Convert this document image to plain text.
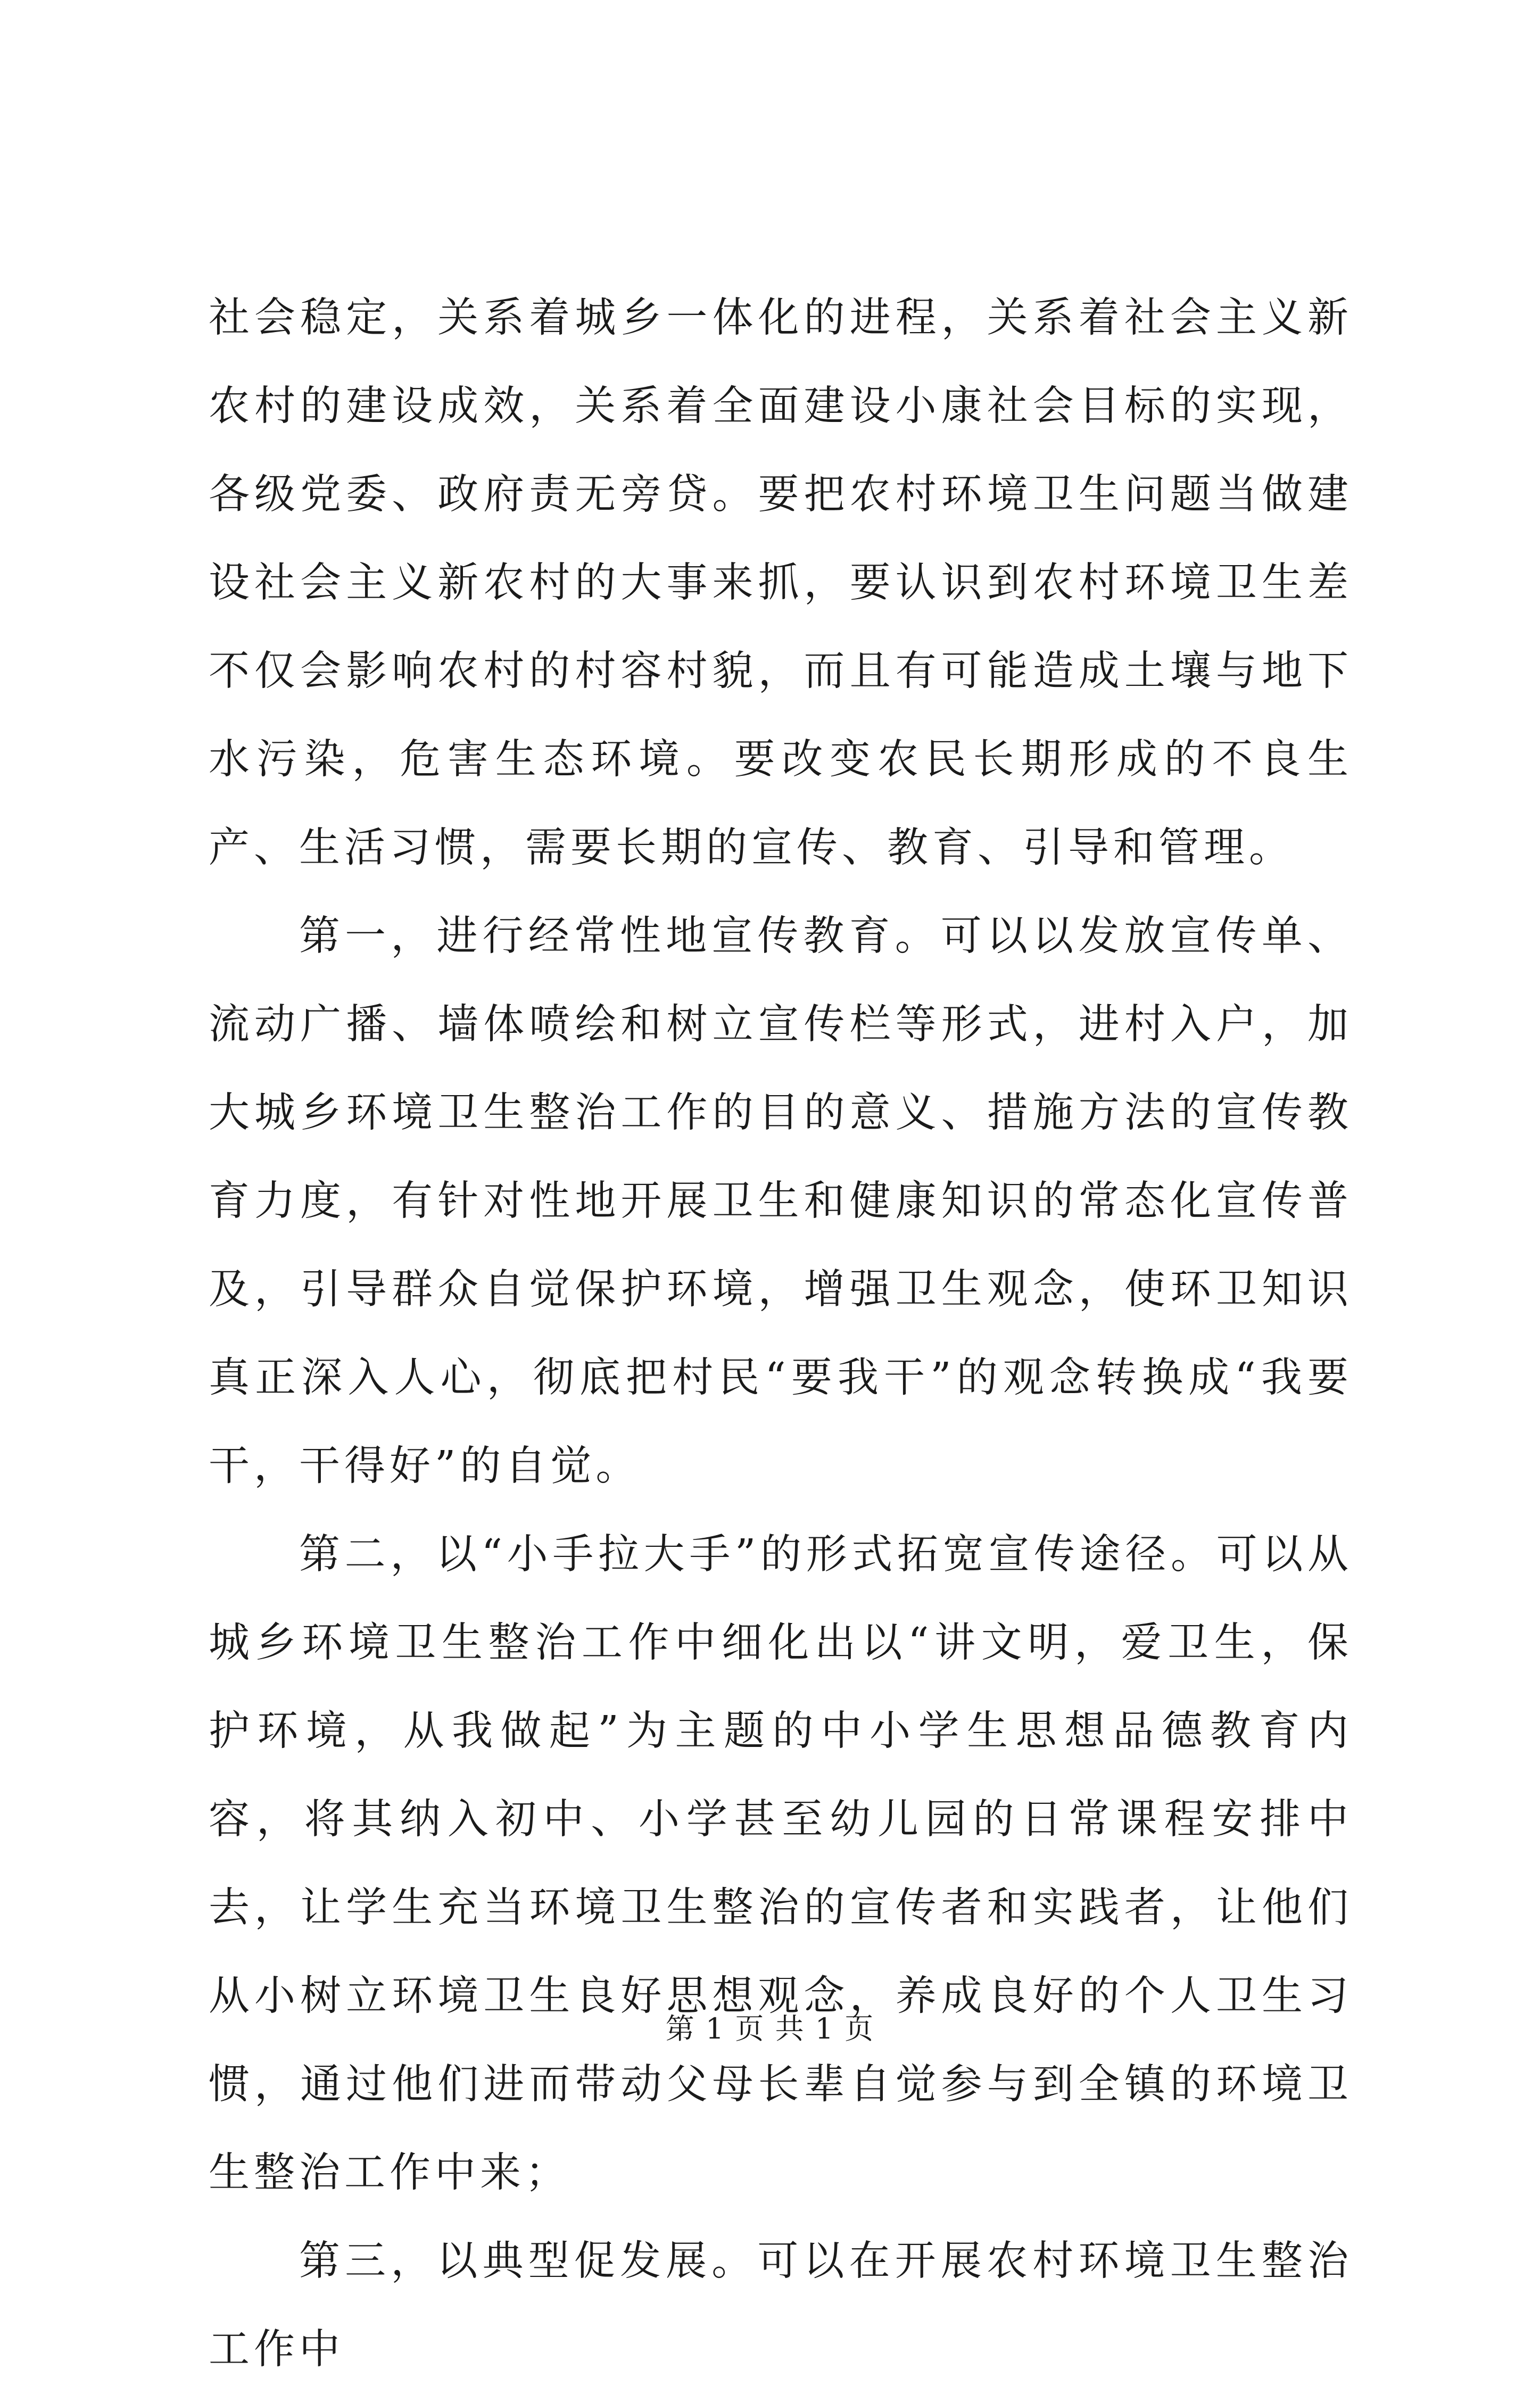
社会稳定，关系着城乡一体化的进程，关系着社会主义新农村的建设成效，关系着全面建设小康社会目标的实现，各级党委、政府责无旁贷。要把农村环境卫生问题当做建设社会主义新农村的大事来抓，要认识到农村环境卫生差不仅会影响农村的村容村貌，而且有可能造成土壤与地下水污染，危害生态环境。要改变农民长期形成的不良生产、生活习惯，需要长期的宣传、教育、引导和管理。

第一，进行经常性地宣传教育。可以以发放宣传单、流动广播、墙体喷绘和树立宣传栏等形式，进村入户，加大城乡环境卫生整治工作的目的意义、措施方法的宣传教育力度，有针对性地开展卫生和健康知识的常态化宣传普及，引导群众自觉保护环境，增强卫生观念，使环卫知识真正深入人心，彻底把村民“要我干”的观念转换成“我要干，干得好”的自觉。

第二，以“小手拉大手”的形式拓宽宣传途径。可以从城乡环境卫生整治工作中细化出以“讲文明，爱卫生，保护环境，从我做起”为主题的中小学生思想品德教育内容，将其纳入初中、小学甚至幼儿园的日常课程安排中去，让学生充当环境卫生整治的宣传者和实践者，让他们从小树立环境卫生良好思想观念，养成良好的个人卫生习惯，通过他们进而带动父母长辈自觉参与到全镇的环境卫生整治工作中来；

第三，以典型促发展。可以在开展农村环境卫生整治工作中

第 1 页 共 1 页
